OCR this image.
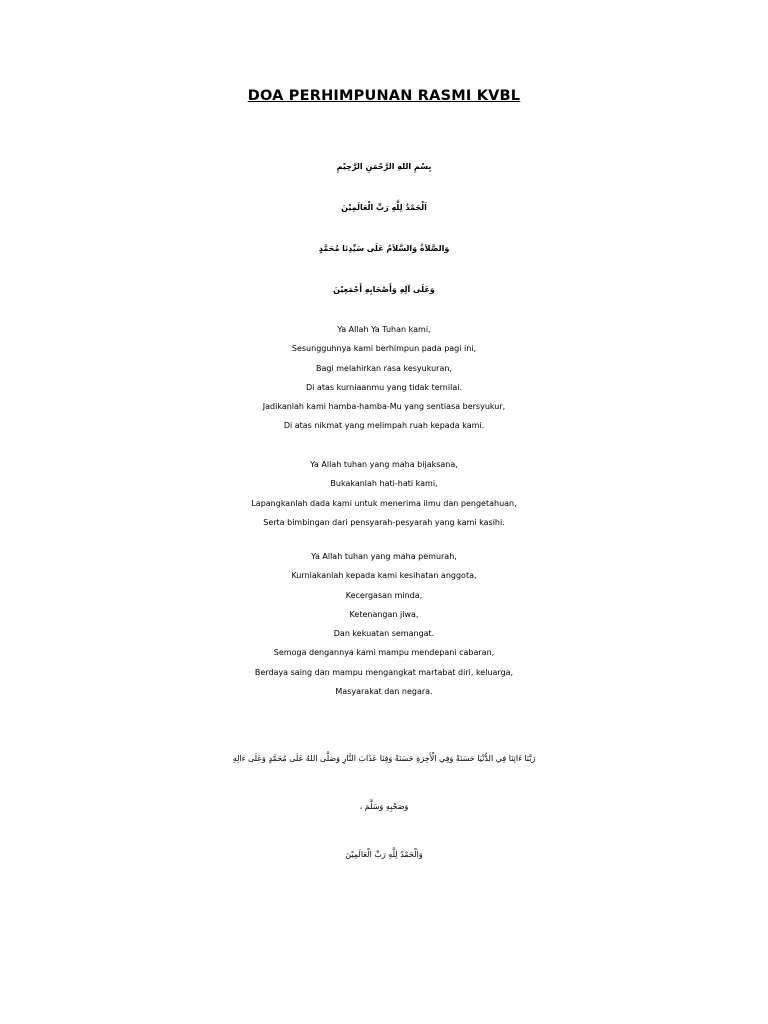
DOA PERHIMPUNAN RASMI KVBL
بِسْمِ اللهِ الرَّحْمَنِ الرَّحِيْمِ
اَلْحَمْدُ لِلَّهِ رَبِّ الْعَالَمِيْنَ
وَالصَّلاَةُ وَالسَّلاَمُ عَلَى سَيِّدِنَا مُحَمَّدٍ
وَعَلَى آلِهِ وَأَصْحَابِهِ أَجْمَعِيْنَ
Ya Allah Ya Tuhan kami,
Sesungguhnya kami berhimpun pada pagi ini,
Bagi melahirkan rasa kesyukuran,
Di atas kurniaanmu yang tidak ternilai.
Jadikanlah kami hamba-hamba-Mu yang sentiasa bersyukur,
Di atas nikmat yang melimpah ruah kepada kami.
Ya Allah tuhan yang maha bijaksana,
Bukakanlah hati-hati kami,
Lapangkanlah dada kami untuk menerima ilmu dan pengetahuan,
Serta bimbingan dari pensyarah-pesyarah yang kami kasihi.
Ya Allah tuhan yang maha pemurah,
Kurniakanlah kepada kami kesihatan anggota,
Kecergasan minda,
Ketenangan jiwa,
Dan kekuatan semangat.
Semoga dengannya kami mampu mendepani cabaran,
Berdaya saing dan mampu mengangkat martabat diri, keluarga,
Masyarakat dan negara.
رَبَّنَا ءَاتِنَا فِي الدُّنْيَا حَسَنَةً وَفِي الْأَخِرَةِ حَسَنَةً وَقِنَا عَذَابَ النَّارِ وَصَلَّى اللهُ عَلَى مُحَمَّدٍ وَعَلَى ءَالِهِ
وَصَحْبِهِ وَسَلَّمَ ،
وَالْحَمْدُ لِلَّهِ رَبِّ الْعَالَمِيْنَ
